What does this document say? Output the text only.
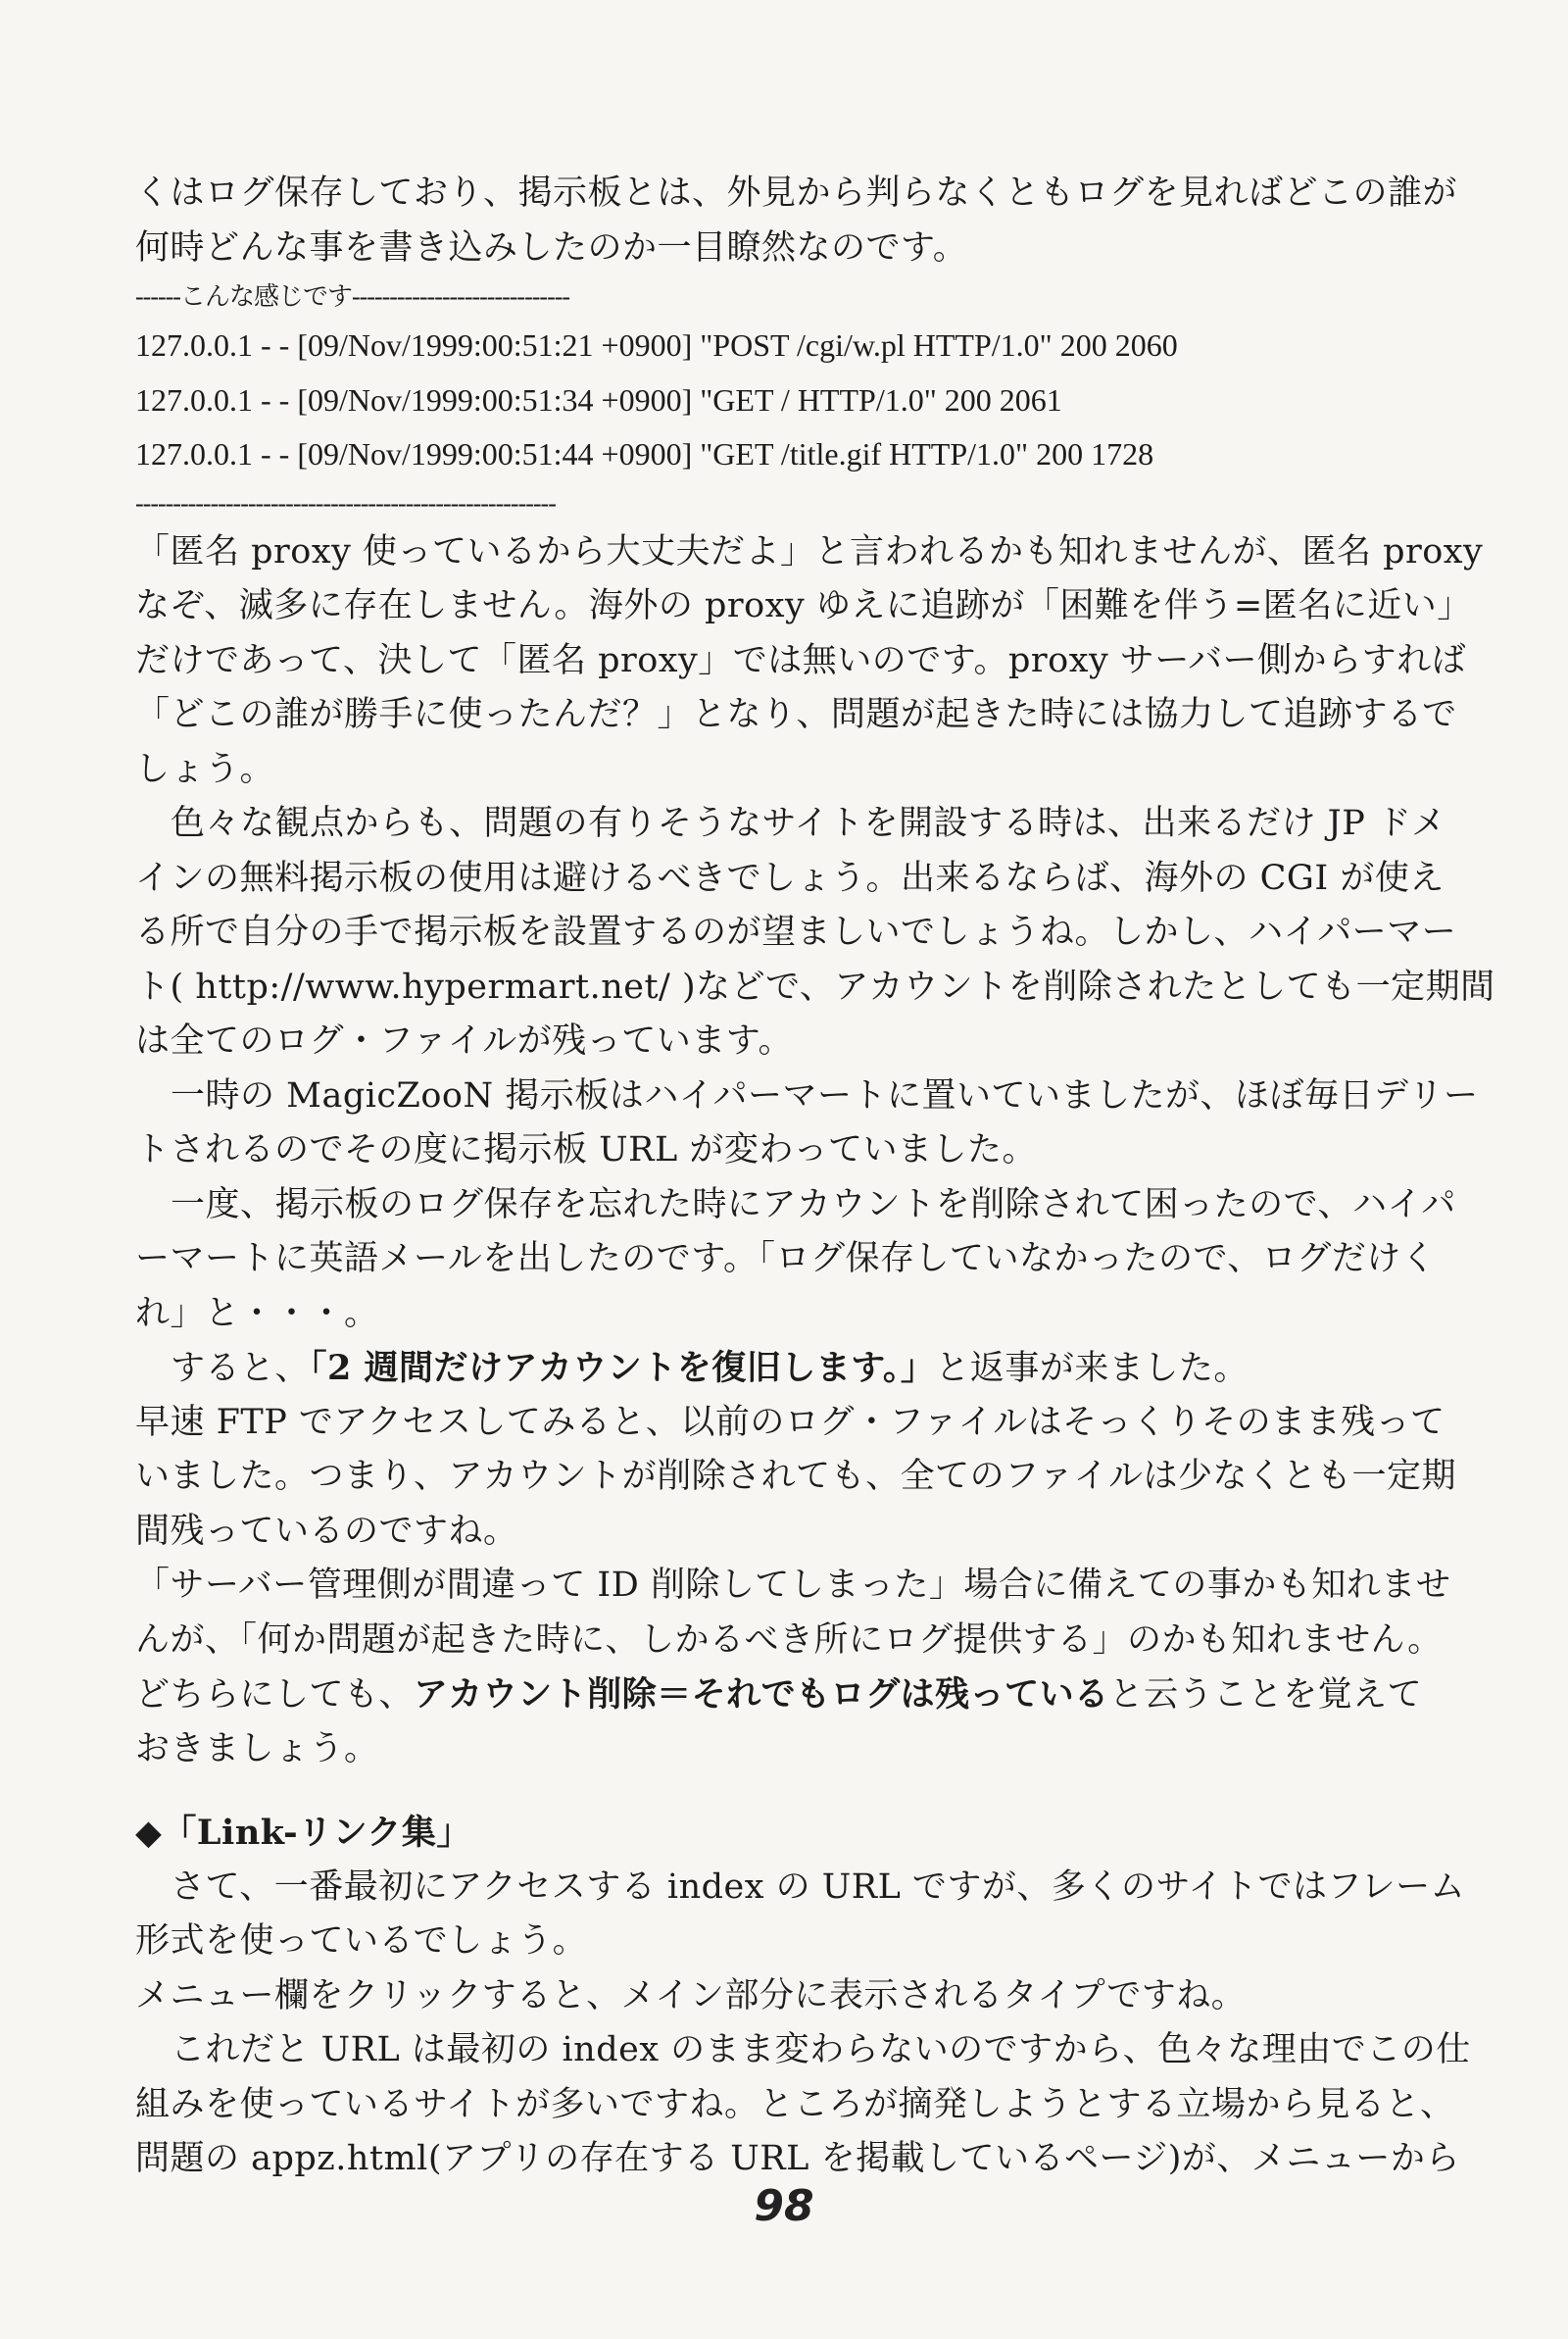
くはログ保存しており、掲示板とは、外見から判らなくともログを見ればどこの誰が
何時どんな事を書き込みしたのか一目瞭然なのです。
------こんな感じです-----------------------------
127.0.0.1 - - [09/Nov/1999:00:51:21 +0900] "POST /cgi/w.pl HTTP/1.0" 200 2060
127.0.0.1 - - [09/Nov/1999:00:51:34 +0900] "GET / HTTP/1.0" 200 2061
127.0.0.1 - - [09/Nov/1999:00:51:44 +0900] "GET /title.gif HTTP/1.0" 200 1728
--------------------------------------------------------
「匿名 proxy 使っているから大丈夫だよ」と言われるかも知れませんが、匿名 proxy
なぞ、滅多に存在しません。海外の proxy ゆえに追跡が「困難を伴う=匿名に近い」
だけであって、決して「匿名 proxy」では無いのです。proxy サーバー側からすれば
「どこの誰が勝手に使ったんだ？」となり、問題が起きた時には協力して追跡するで
しょう。
色々な観点からも、問題の有りそうなサイトを開設する時は、出来るだけ JP ドメ
インの無料掲示板の使用は避けるべきでしょう。出来るならば、海外の CGI が使え
る所で自分の手で掲示板を設置するのが望ましいでしょうね。しかし、ハイパーマー
ト( http://www.hypermart.net/ )などで、アカウントを削除されたとしても一定期間
は全てのログ・ファイルが残っています。
一時の MagicZooN 掲示板はハイパーマートに置いていましたが、ほぼ毎日デリー
トされるのでその度に掲示板 URL が変わっていました。
一度、掲示板のログ保存を忘れた時にアカウントを削除されて困ったので、ハイパ
ーマートに英語メールを出したのです。「ログ保存していなかったので、ログだけく
れ」と・・・。
すると、「2 週間だけアカウントを復旧します。」と返事が来ました。
早速 FTP でアクセスしてみると、以前のログ・ファイルはそっくりそのまま残って
いました。つまり、アカウントが削除されても、全てのファイルは少なくとも一定期
間残っているのですね。
「サーバー管理側が間違って ID 削除してしまった」場合に備えての事かも知れませ
んが、「何か問題が起きた時に、しかるべき所にログ提供する」のかも知れません。
どちらにしても、アカウント削除＝それでもログは残っていると云うことを覚えて
おきましょう。
◆「Link-リンク集」
さて、一番最初にアクセスする index の URL ですが、多くのサイトではフレーム
形式を使っているでしょう。
メニュー欄をクリックすると、メイン部分に表示されるタイプですね。
これだと URL は最初の index のまま変わらないのですから、色々な理由でこの仕
組みを使っているサイトが多いですね。ところが摘発しようとする立場から見ると、
問題の appz.html(アプリの存在する URL を掲載しているページ)が、メニューから
98
